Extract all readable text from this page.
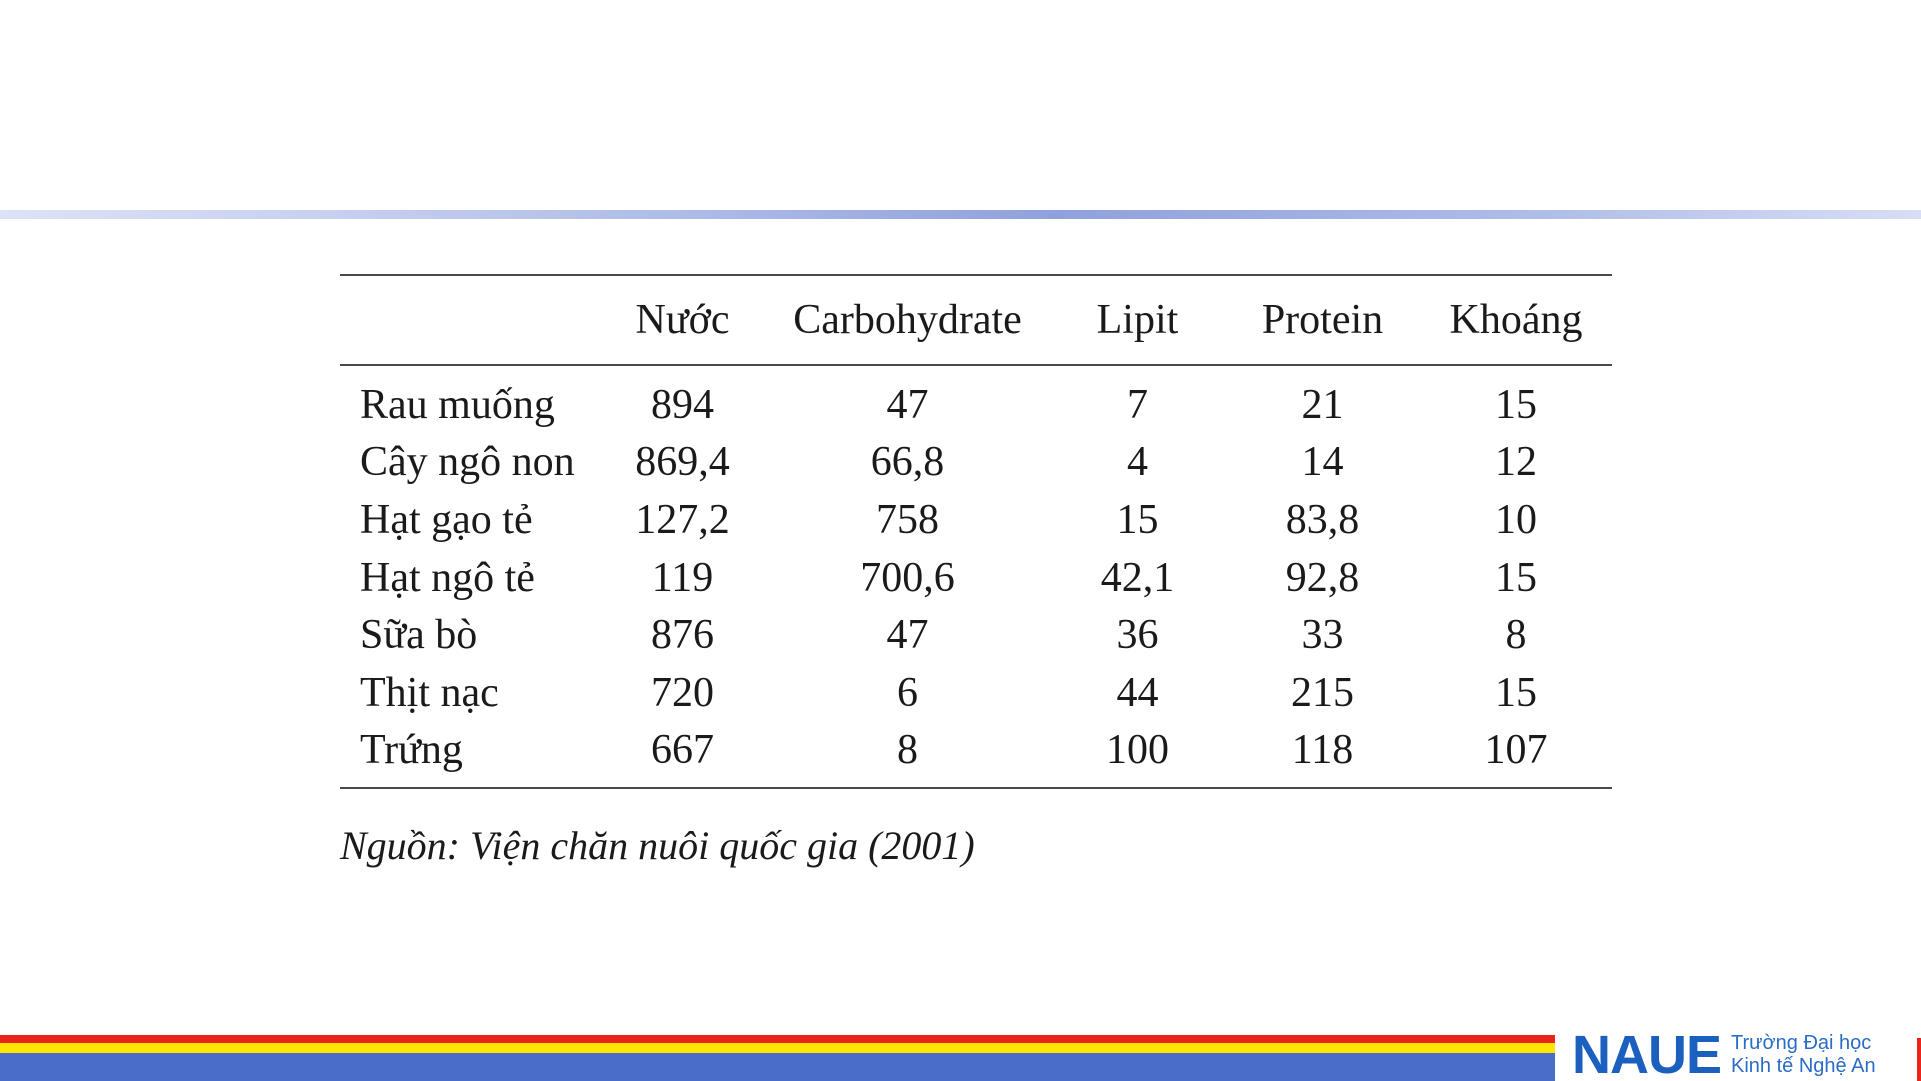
	Nước	Carbohydrate	Lipit	Protein	Khoáng
Rau muống	894	47	7	21	15
Cây ngô non	869,4	66,8	4	14	12
Hạt gạo tẻ	127,2	758	15	83,8	10
Hạt ngô tẻ	119	700,6	42,1	92,8	15
Sữa bò	876	47	36	33	8
Thịt nạc	720	6	44	215	15
Trứng	667	8	100	118	107
Nguồn: Viện chăn nuôi quốc gia (2001)
NAUE Trường Đại học
Kinh tế Nghệ An
